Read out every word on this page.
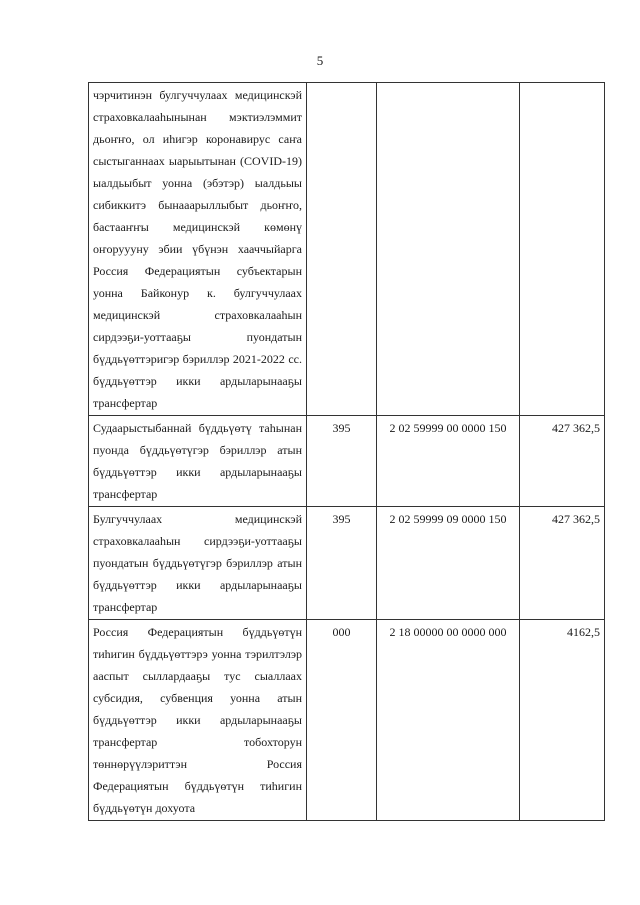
5
чэрчитинэн булгуччулаах медицинскэй страховкалааһынынан мэктиэлэммит дьоҥҥо, ол иһигэр коронавирус саҥа сыстыганнаах ыарыытынан (COVID-19) ыалдьыбыт уонна (эбэтэр) ыалдьыы сибиккитэ бынааарыллыбыт дьоҥҥо, бастааҥҥы медицинскэй көмөнү оҥоруууну эбии үбүнэн хааччыйарга Россия Федерациятын субъектарын уонна Байконур к. булгуччулаах медицинскэй страховкалааһын сирдээҕи-уоттааҕы пуондатын бүддьүөттэригэр бэриллэр 2021-2022 сс. бүддьүөттэр икки ардыларынааҕы трансфертар			
Судаарыстыбаннай бүддьүөтү таһынан пуонда бүддьүөтүгэр бэриллэр атын бүддьүөттэр икки ардыларынааҕы трансфертар	395	2 02 59999 00 0000 150	427 362,5
Булгуччулаах медицинскэй страховкалааһын сирдээҕи-уоттааҕы пуондатын бүддьүөтүгэр бэриллэр атын бүддьүөттэр икки ардыларынааҕы трансфертар	395	2 02 59999 09 0000 150	427 362,5
Россия Федерациятын бүддьүөтүн тиһигин бүддьүөттэрэ уонна тэрилтэлэр ааспыт сыллардааҕы тус сыаллаах субсидия, субвенция уонна атын бүддьүөттэр икки ардыларынааҕы трансфертар тобохторун төннөрүүлэриттэн Россия Федерациятын бүддьүөтүн тиһигин бүддьүөтүн дохуота	000	2 18 00000 00 0000 000	4162,5
